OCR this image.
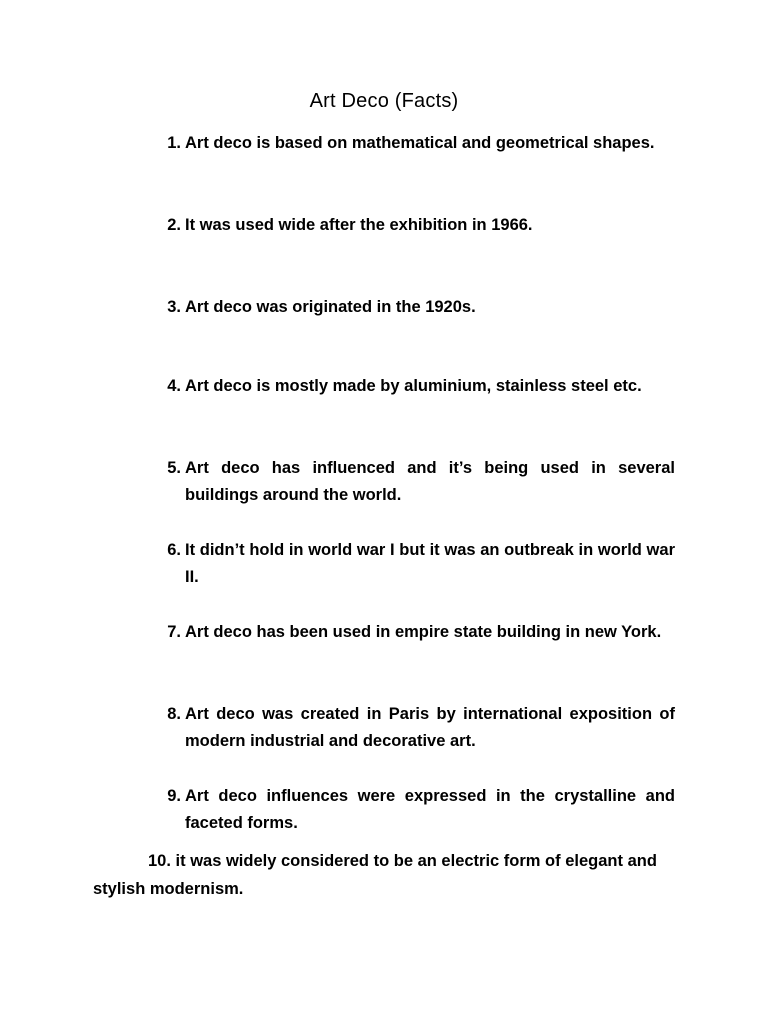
Art Deco (Facts)
1. Art deco is based on mathematical and geometrical shapes.
2. It was used wide after the exhibition in 1966.
3. Art deco was originated in the 1920s.
4. Art deco is mostly made by aluminium, stainless steel etc.
5. Art deco has influenced and it’s being used in several buildings around the world.
6. It didn’t hold in world war I but it was an outbreak in world war II.
7. Art deco has been used in empire state building in new York.
8. Art deco was created in Paris by international exposition of modern industrial and decorative art.
9. Art deco influences were expressed in the crystalline and faceted forms.
10. it was widely considered to be an electric form of elegant and stylish modernism.
